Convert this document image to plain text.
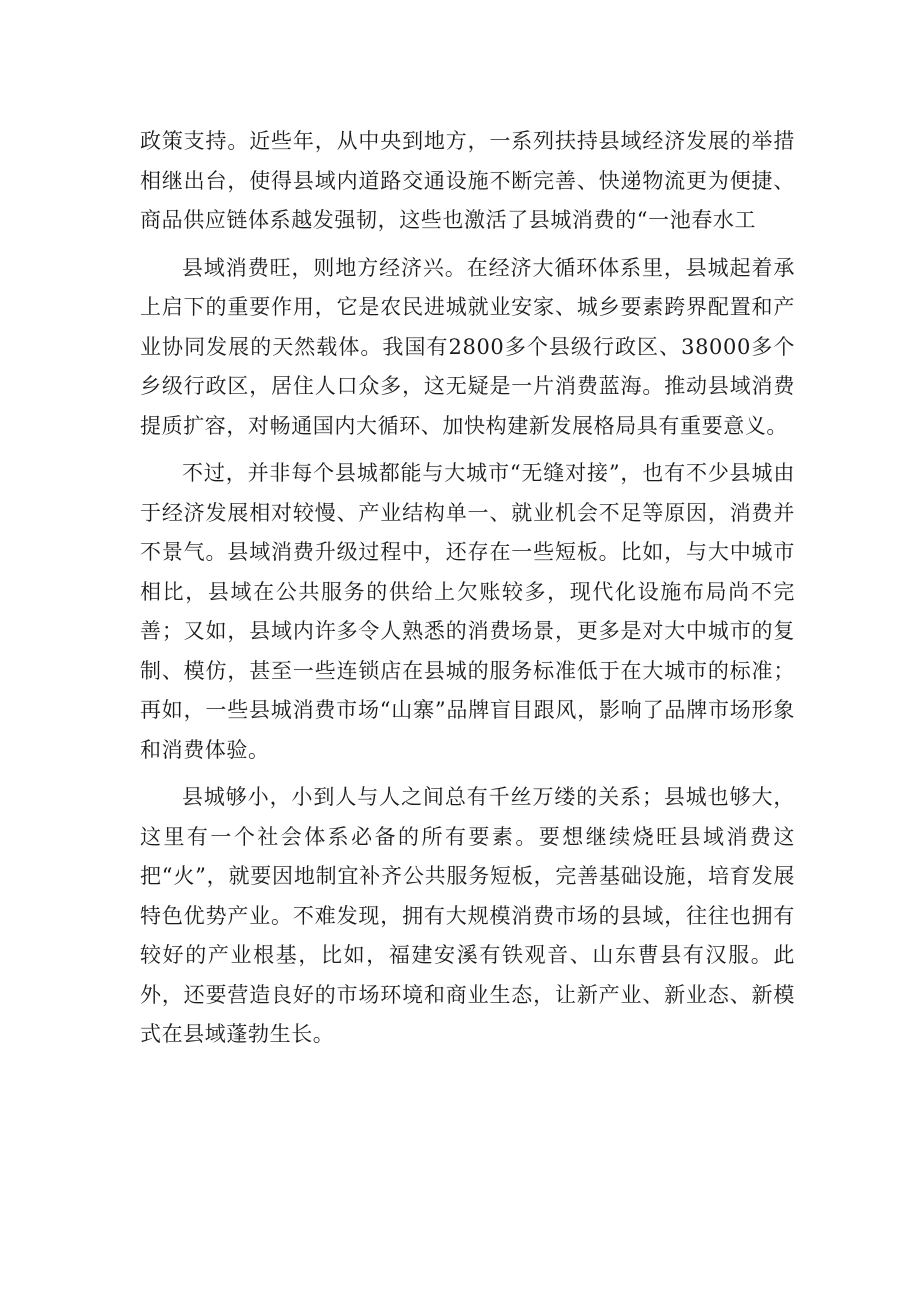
政策支持。近些年，从中央到地方，一系列扶持县域经济发展的举措相继出台，使得县域内道路交通设施不断完善、快递物流更为便捷、商品供应链体系越发强韧，这些也激活了县城消费的“一池春水工

县域消费旺，则地方经济兴。在经济大循环体系里，县城起着承上启下的重要作用，它是农民进城就业安家、城乡要素跨界配置和产业协同发展的天然载体。我国有2800多个县级行政区、38000多个乡级行政区，居住人口众多，这无疑是一片消费蓝海。推动县域消费提质扩容，对畅通国内大循环、加快构建新发展格局具有重要意义。

不过，并非每个县城都能与大城市“无缝对接”，也有不少县城由于经济发展相对较慢、产业结构单一、就业机会不足等原因，消费并不景气。县域消费升级过程中，还存在一些短板。比如，与大中城市相比，县域在公共服务的供给上欠账较多，现代化设施布局尚不完善；又如，县域内许多令人熟悉的消费场景，更多是对大中城市的复制、模仿，甚至一些连锁店在县城的服务标准低于在大城市的标准；再如，一些县城消费市场“山寨”品牌盲目跟风，影响了品牌市场形象和消费体验。

县城够小，小到人与人之间总有千丝万缕的关系；县城也够大，这里有一个社会体系必备的所有要素。要想继续烧旺县域消费这把“火”，就要因地制宜补齐公共服务短板，完善基础设施，培育发展特色优势产业。不难发现，拥有大规模消费市场的县域，往往也拥有较好的产业根基，比如，福建安溪有铁观音、山东曹县有汉服。此外，还要营造良好的市场环境和商业生态，让新产业、新业态、新模式在县域蓬勃生长。
